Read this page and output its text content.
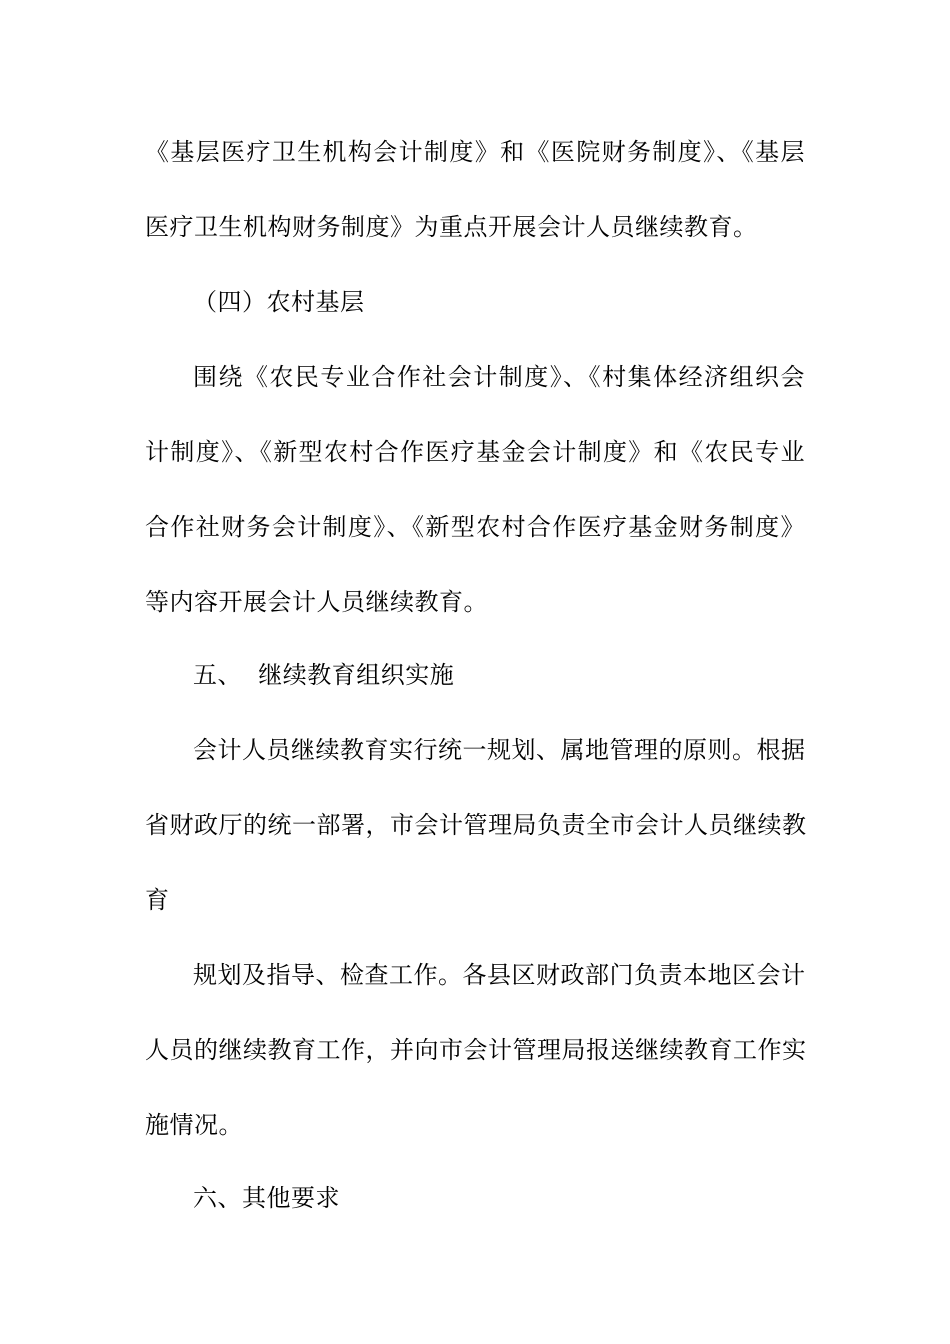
《基层医疗卫生机构会计制度》和《医院财务制度》、《基层
医疗卫生机构财务制度》为重点开展会计人员继续教育。
（四）农村基层
围绕《农民专业合作社会计制度》、《村集体经济组织会
计制度》、《新型农村合作医疗基金会计制度》和《农民专业
合作社财务会计制度》、《新型农村合作医疗基金财务制度》
等内容开展会计人员继续教育。
五、  继续教育组织实施
会计人员继续教育实行统一规划、属地管理的原则。根据
省财政厅的统一部署，市会计管理局负责全市会计人员继续教
育
规划及指导、检查工作。各县区财政部门负责本地区会计
人员的继续教育工作，并向市会计管理局报送继续教育工作实
施情况。
六、其他要求
